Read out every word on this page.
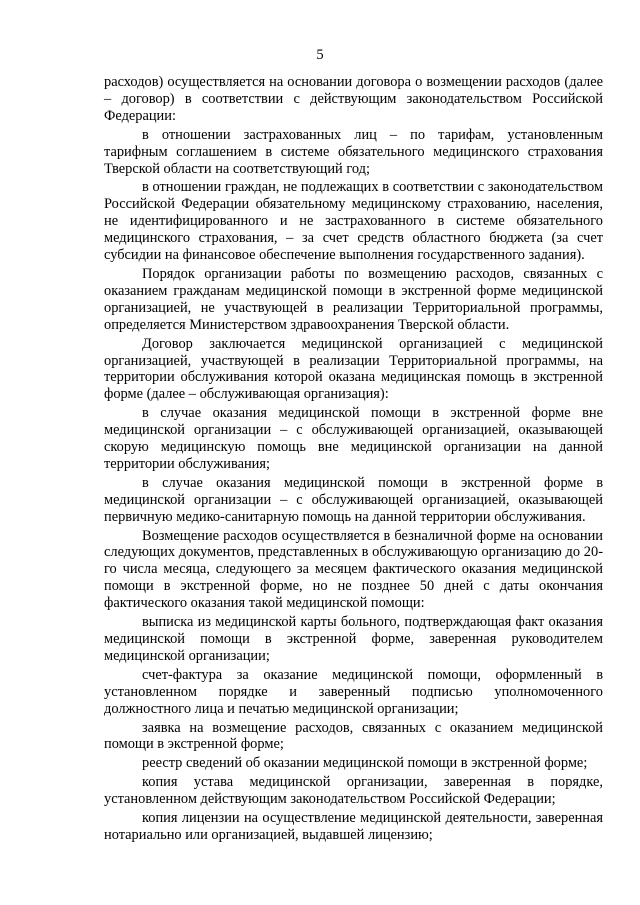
5

расходов) осуществляется на основании договора о возмещении расходов (далее – договор) в соответствии с действующим законодательством Российской Федерации:

в отношении застрахованных лиц – по тарифам, установленным тарифным соглашением в системе обязательного медицинского страхования Тверской области на соответствующий год;

в отношении граждан, не подлежащих в соответствии с законодательством Российской Федерации обязательному медицинскому страхованию, населения, не идентифицированного и не застрахованного в системе обязательного медицинского страхования, – за счет средств областного бюджета (за счет субсидии на финансовое обеспечение выполнения государственного задания).

Порядок организации работы по возмещению расходов, связанных с оказанием гражданам медицинской помощи в экстренной форме медицинской организацией, не участвующей в реализации Территориальной программы, определяется Министерством здравоохранения Тверской области.

Договор заключается медицинской организацией с медицинской организацией, участвующей в реализации Территориальной программы, на территории обслуживания которой оказана медицинская помощь в экстренной форме (далее – обслуживающая организация):

в случае оказания медицинской помощи в экстренной форме вне медицинской организации – с обслуживающей организацией, оказывающей скорую медицинскую помощь вне медицинской организации на данной территории обслуживания;

в случае оказания медицинской помощи в экстренной форме в медицинской организации – с обслуживающей организацией, оказывающей первичную медико-санитарную помощь на данной территории обслуживания.

Возмещение расходов осуществляется в безналичной форме на основании следующих документов, представленных в обслуживающую организацию до 20-го числа месяца, следующего за месяцем фактического оказания медицинской помощи в экстренной форме, но не позднее 50 дней с даты окончания фактического оказания такой медицинской помощи:

выписка из медицинской карты больного, подтверждающая факт оказания медицинской помощи в экстренной форме, заверенная руководителем медицинской организации;

счет-фактура за оказание медицинской помощи, оформленный в установленном порядке и заверенный подписью уполномоченного должностного лица и печатью медицинской организации;

заявка на возмещение расходов, связанных с оказанием медицинской помощи в экстренной форме;

реестр сведений об оказании медицинской помощи в экстренной форме;

копия устава медицинской организации, заверенная в порядке, установленном действующим законодательством Российской Федерации;

копия лицензии на осуществление медицинской деятельности, заверенная нотариально или организацией, выдавшей лицензию;
